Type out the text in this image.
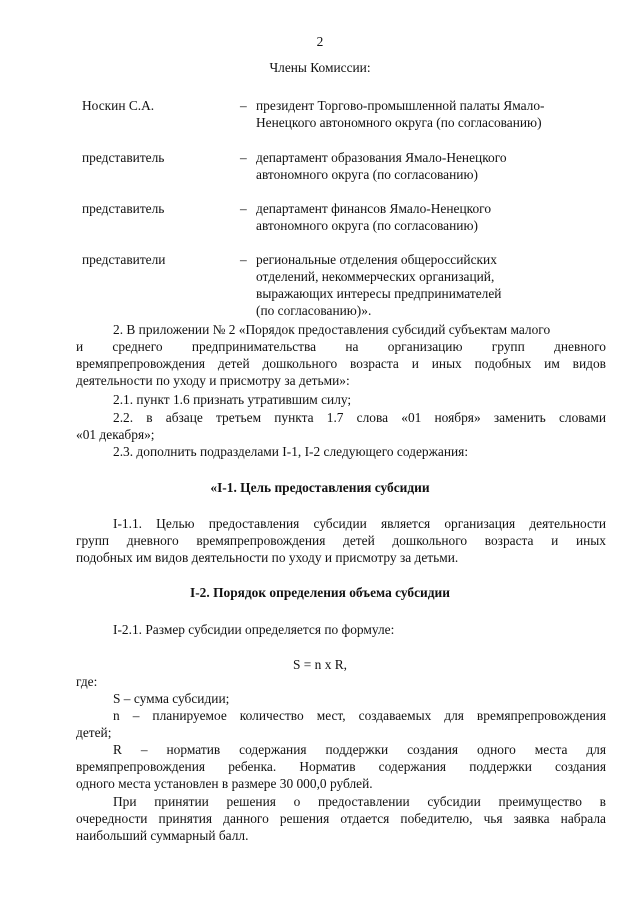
2
Члены Комиссии:
Носкин С.А.	– президент Торгово-промышленной палаты Ямало-
Ненецкого автономного округа (по согласованию)
представитель	– департамент образования Ямало-Ненецкого
автономного округа (по согласованию)
представитель	– департамент финансов Ямало-Ненецкого
автономного округа (по согласованию)
представители	– региональные отделения общероссийских
отделений, некоммерческих организаций,
выражающих интересы предпринимателей
(по согласованию)».
2. В приложении № 2 «Порядок предоставления субсидий субъектам малого
и среднего предпринимательства на организацию групп дневного
времяпрепровождения детей дошкольного возраста и иных подобных им видов
деятельности по уходу и присмотру за детьми»:
2.1. пункт 1.6 признать утратившим силу;
2.2. в абзаце третьем пункта 1.7 слова «01 ноября» заменить словами
«01 декабря»;
2.3. дополнить подразделами I-1, I-2 следующего содержания:
«I-1. Цель предоставления субсидии
I-1.1. Целью предоставления субсидии является организация деятельности
групп дневного времяпрепровождения детей дошкольного возраста и иных
подобных им видов деятельности по уходу и присмотру за детьми.
I-2. Порядок определения объема субсидии
I-2.1. Размер субсидии определяется по формуле:
S = n x R,
где:
S – сумма субсидии;
n – планируемое количество мест, создаваемых для времяпрепровождения
детей;
R – норматив содержания поддержки создания одного места для
времяпрепровождения ребенка. Норматив содержания поддержки создания
одного места установлен в размере 30 000,0 рублей.
При принятии решения о предоставлении субсидии преимущество в
очередности принятия данного решения отдается победителю, чья заявка набрала
наибольший суммарный балл.
